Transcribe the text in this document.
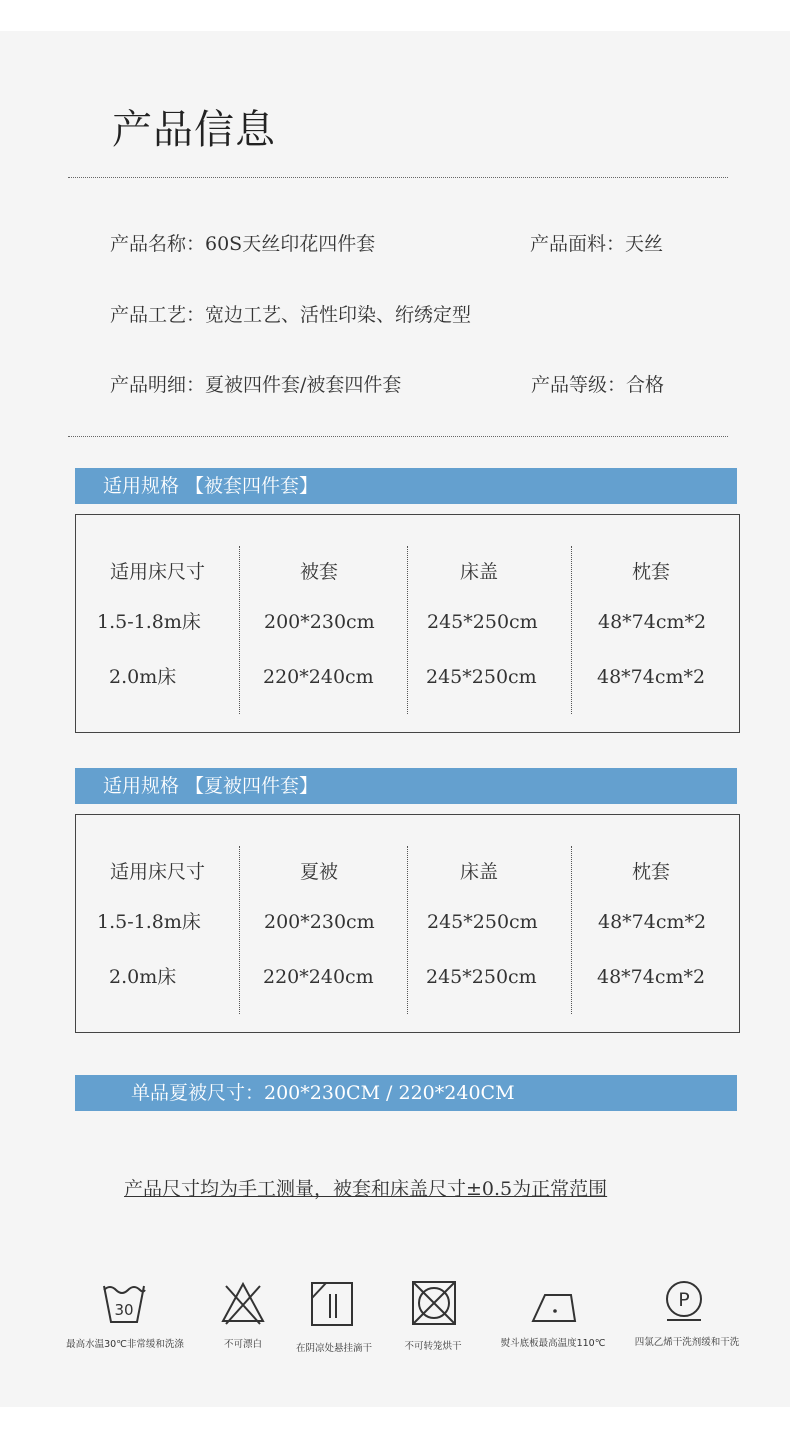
产品信息
产品名称：60S天丝印花四件套	产品面料：天丝
产品工艺：宽边工艺、活性印染、绗绣定型
产品明细：夏被四件套/被套四件套	产品等级：合格
适用规格 【被套四件套】
适用床尺寸	被套	床盖	枕套
1.5-1.8m床	200*230cm	245*250cm	48*74cm*2
2.0m床	220*240cm	245*250cm	48*74cm*2
适用规格 【夏被四件套】
适用床尺寸	夏被	床盖	枕套
1.5-1.8m床	200*230cm	245*250cm	48*74cm*2
2.0m床	220*240cm	245*250cm	48*74cm*2
单品夏被尺寸：200*230CM / 220*240CM
产品尺寸均为手工测量，被套和床盖尺寸±0.5为正常范围
30	P
最高水温30℃非常缓和洗涤	不可漂白	在阴凉处悬挂滴干	不可转笼烘干	熨斗底板最高温度110℃	四氯乙烯干洗剂缓和干洗
